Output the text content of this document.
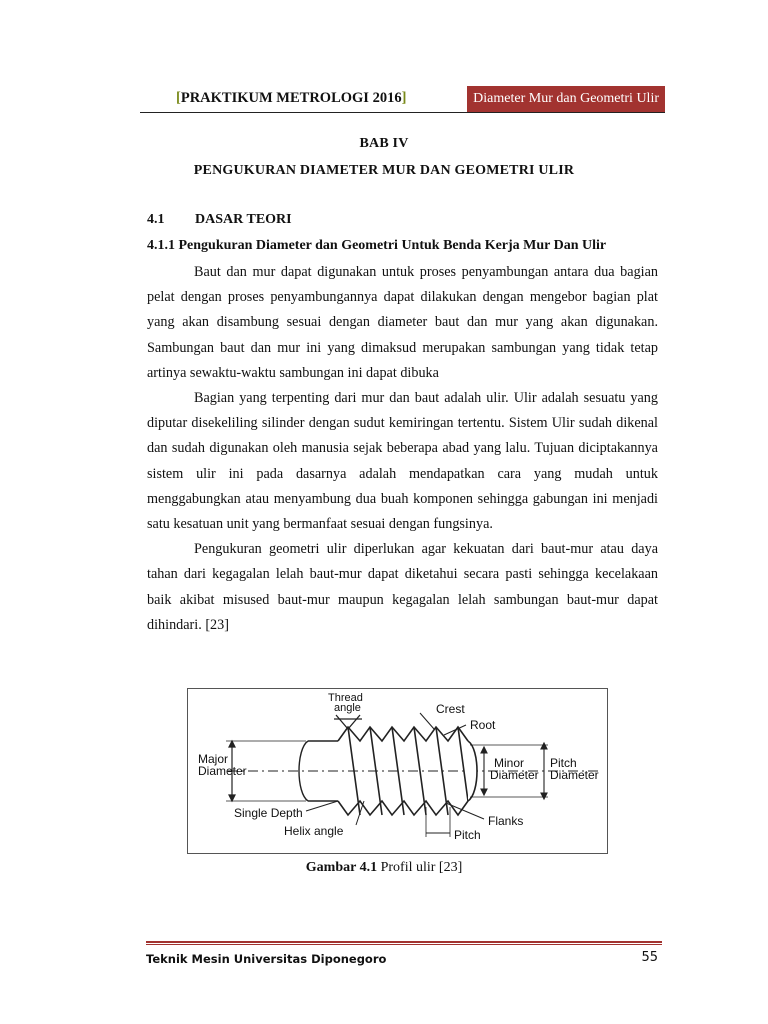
[PRAKTIKUM METROLOGI 2016]	Diameter Mur dan Geometri Ulir
BAB IV
PENGUKURAN DIAMETER MUR DAN GEOMETRI ULIR
4.1 DASAR TEORI
4.1.1 Pengukuran Diameter dan Geometri Untuk Benda Kerja Mur Dan Ulir

Baut dan mur dapat digunakan untuk proses penyambungan antara dua bagian pelat dengan proses penyambungannya dapat dilakukan dengan mengebor bagian plat yang akan disambung sesuai dengan diameter baut dan mur yang akan digunakan. Sambungan baut dan mur ini yang dimaksud merupakan sambungan yang tidak tetap artinya sewaktu-waktu sambungan ini dapat dibuka

Bagian yang terpenting dari mur dan baut adalah ulir. Ulir adalah sesuatu yang diputar disekeliling silinder dengan sudut kemiringan tertentu. Sistem Ulir sudah dikenal dan sudah digunakan oleh manusia sejak beberapa abad yang lalu. Tujuan diciptakannya sistem ulir ini pada dasarnya adalah mendapatkan cara yang mudah untuk menggabungkan atau menyambung dua buah komponen sehingga gabungan ini menjadi satu kesatuan unit yang bermanfaat sesuai dengan fungsinya.

Pengukuran geometri ulir diperlukan agar kekuatan dari baut-mur atau daya tahan dari kegagalan lelah baut-mur dapat diketahui secara pasti sehingga kecelakaan baik akibat misused baut-mur maupun kegagalan lelah sambungan baut-mur dapat dihindari. [23]

Thread
angle	Crest
Root
Major
Diameter
Minor
Diameter
Pitch
Diameter
Single Depth
Helix angle
Flanks
Pitch
Gambar 4.1 Profil ulir [23]
Teknik Mesin Universitas Diponegoro	55
